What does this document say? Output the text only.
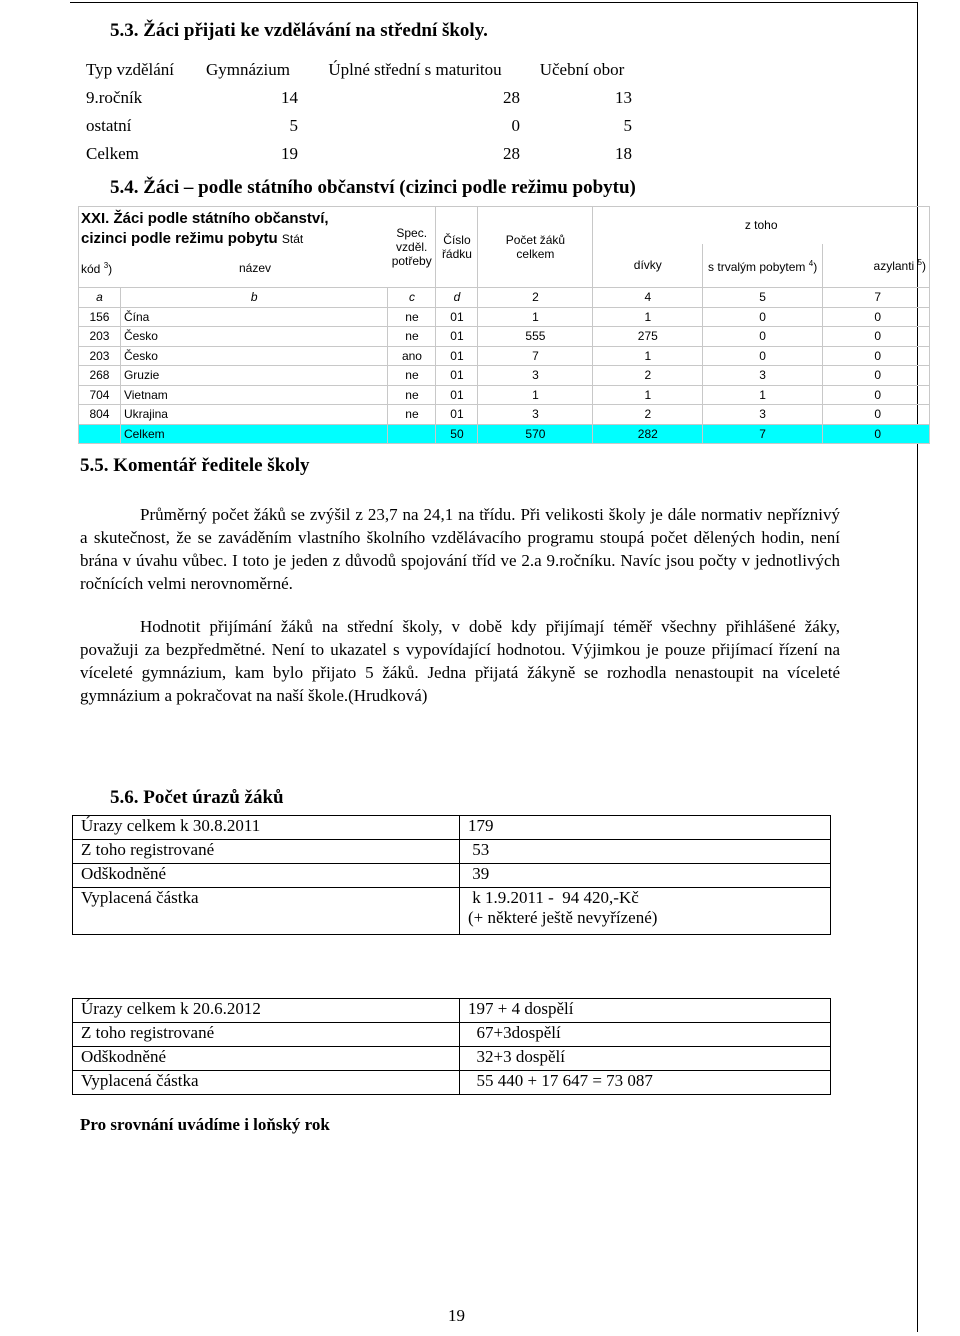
5.3. Žáci přijati ke vzdělávání na střední školy.
Typ vzdělání	Gymnázium	Úplné střední s maturitou	Učební obor
9.ročník	14	28	13
ostatní	5	0	5
Celkem	19	28	18
5.4. Žáci – podle státního občanství (cizinci podle režimu pobytu)
XXI. Žáci podle státního občanství,
cizinci podle režimu pobytu Stát
kód $^3$) název		Spec. vzděl. potřeby	Číslo řádku	Počet žáků celkem	z toho		
					dívky	s trvalým pobytem $^4$)	azylanti $^5$)
a	b	c	d	2	4	5	7
156	Čína	ne	01	1	1	0	0
203	Česko	ne	01	555	275	0	0
203	Česko	ano	01	7	1	0	0
268	Gruzie	ne	01	3	2	3	0
704	Vietnam	ne	01	1	1	1	0
804	Ukrajina	ne	01	3	2	3	0
	Celkem		50	570	282	7	0
5.5. Komentář ředitele školy
Průměrný počet žáků se zvýšil z 23,7 na 24,1 na třídu. Při velikosti školy je dále normativ nepříznivý a skutečnost, že se zaváděním vlastního školního vzdělávacího programu stoupá počet dělených hodin, není brána v úvahu vůbec. I toto je jeden z důvodů spojování tříd ve 2.a 9.ročníku. Navíc jsou počty v jednotlivých ročnících velmi nerovnoměrné.
Hodnotit přijímání žáků na střední školy, v době kdy přijímají téměř všechny přihlášené žáky, považuji za bezpředmětné. Není to ukazatel s vypovídající hodnotou. Výjimkou je pouze přijímací řízení na víceleté gymnázium, kam bylo přijato 5 žáků. Jedna přijatá žákyně se rozhodla nenastoupit na víceleté gymnázium a pokračovat na naší škole.(Hrudková)
5.6. Počet úrazů žáků
Úrazy celkem k 30.8.2011	179
Z toho registrované	53
Odškodněné	39
Vyplacená částka	k 1.9.2011 -  94 420,-Kč
(+ některé ještě nevyřízené)
Úrazy celkem k 20.6.2012	197 + 4 dospělí
Z toho registrované	67+3dospělí
Odškodněné	32+3 dospělí
Vyplacená částka	55 440 + 17 647 = 73 087
Pro srovnání uvádíme i loňský rok
19
